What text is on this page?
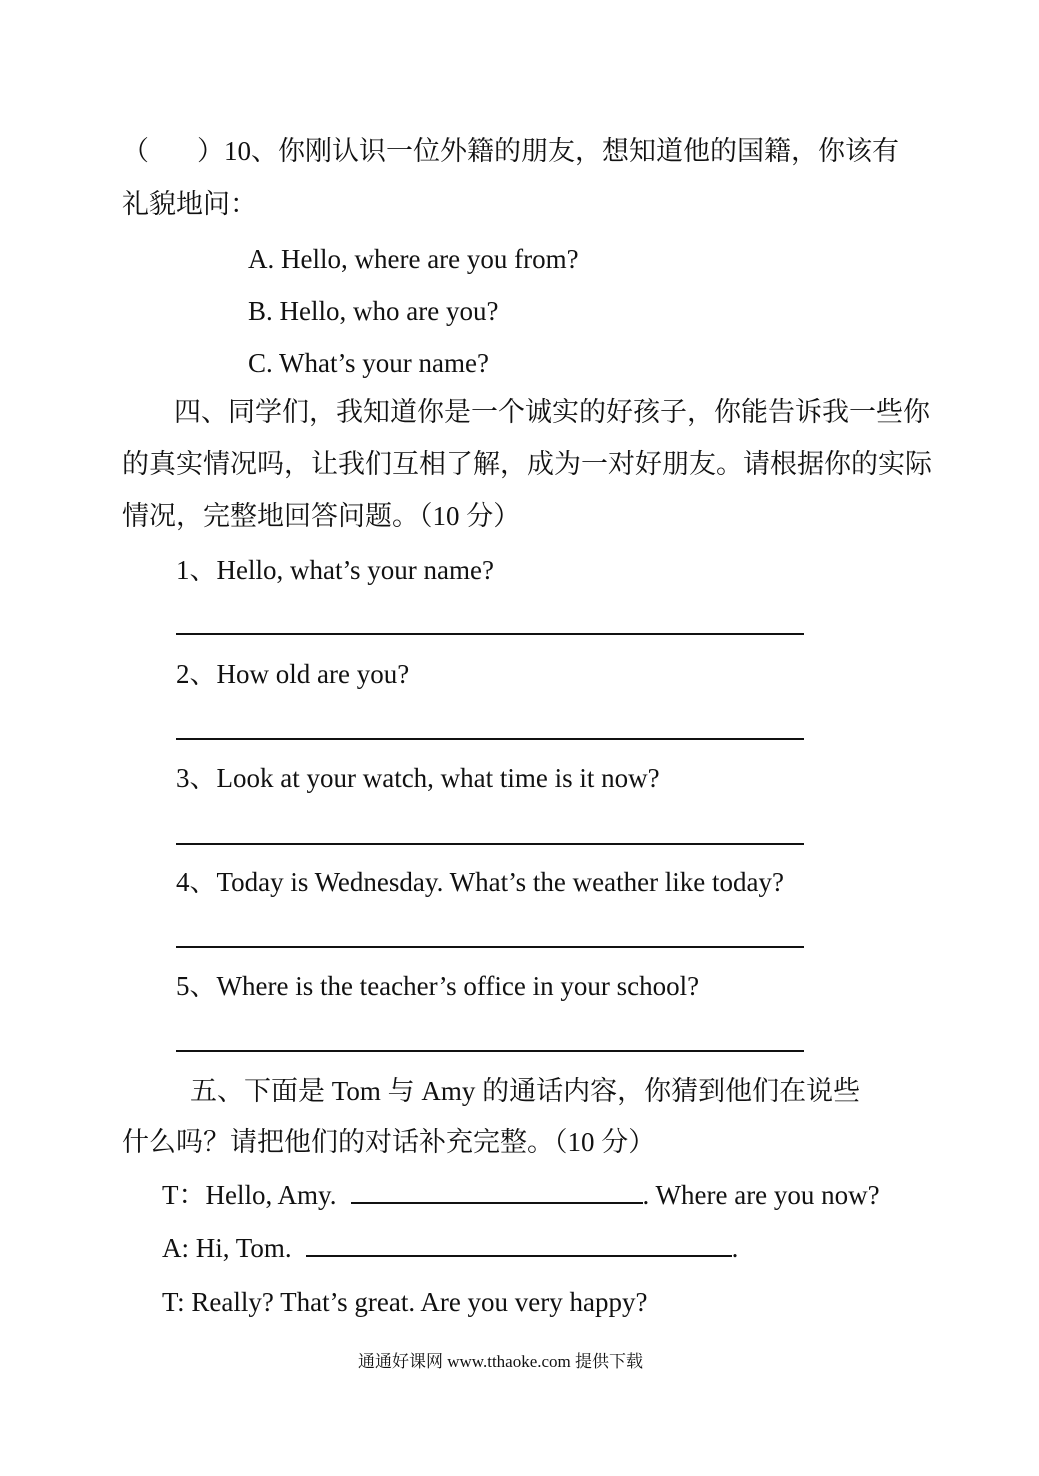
（ ）10、你刚认识一位外籍的朋友，想知道他的国籍，你该有
礼貌地问：
A. Hello, where are you from?
B. Hello, who are you?
C. What’s your name?
四、同学们，我知道你是一个诚实的好孩子，你能告诉我一些你
的真实情况吗，让我们互相了解，成为一对好朋友。请根据你的实际
情况，完整地回答问题。（10 分）
1、Hello, what’s your name?
2、How old are you?
3、Look at your watch, what time is it now?
4、Today is Wednesday. What’s the weather like today?
5、Where is the teacher’s office in your school?
五、下面是 Tom 与 Amy 的通话内容，你猜到他们在说些
什么吗？请把他们的对话补充完整。（10 分）
T：Hello, Amy.	. Where are you now?
A: Hi, Tom.	.
T: Really? That’s great. Are you very happy?
通通好课网 www.tthaoke.com 提供下载
